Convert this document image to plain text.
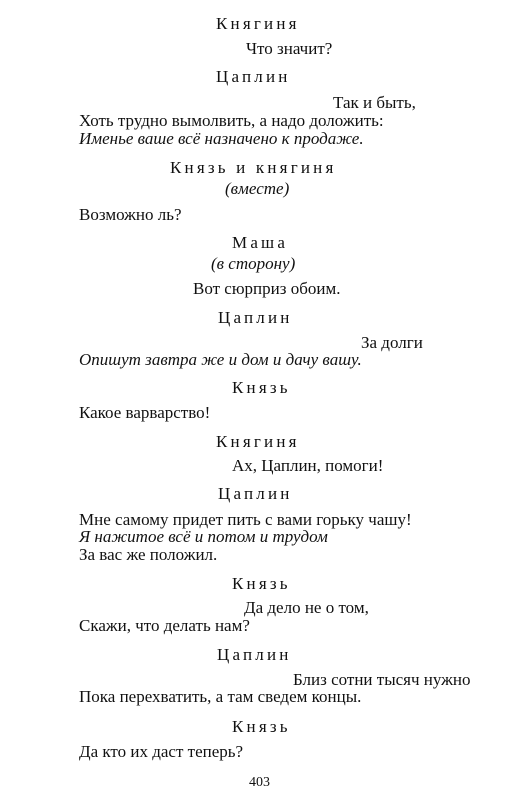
Княгиня
Что значит?
Цаплин
Так и быть,
Хоть трудно вымолвить, а надо доложить:
Именье ваше всё назначено к продаже.
Князь и княгиня
(вместе)
Возможно ль?
Маша
(в сторону)
Вот сюрприз обоим.
Цаплин
За долги
Опишут завтра же и дом и дачу вашу.
Князь
Какое варварство!
Княгиня
Ах, Цаплин, помоги!
Цаплин
Мне самому придет пить с вами горьку чашу!
Я нажитое всё и потом и трудом
За вас же положил.
Князь
Да дело не о том,
Скажи, что делать нам?
Цаплин
Близ сотни тысяч нужно
Пока перехватить, а там сведем концы.
Князь
Да кто их даст теперь?
403
